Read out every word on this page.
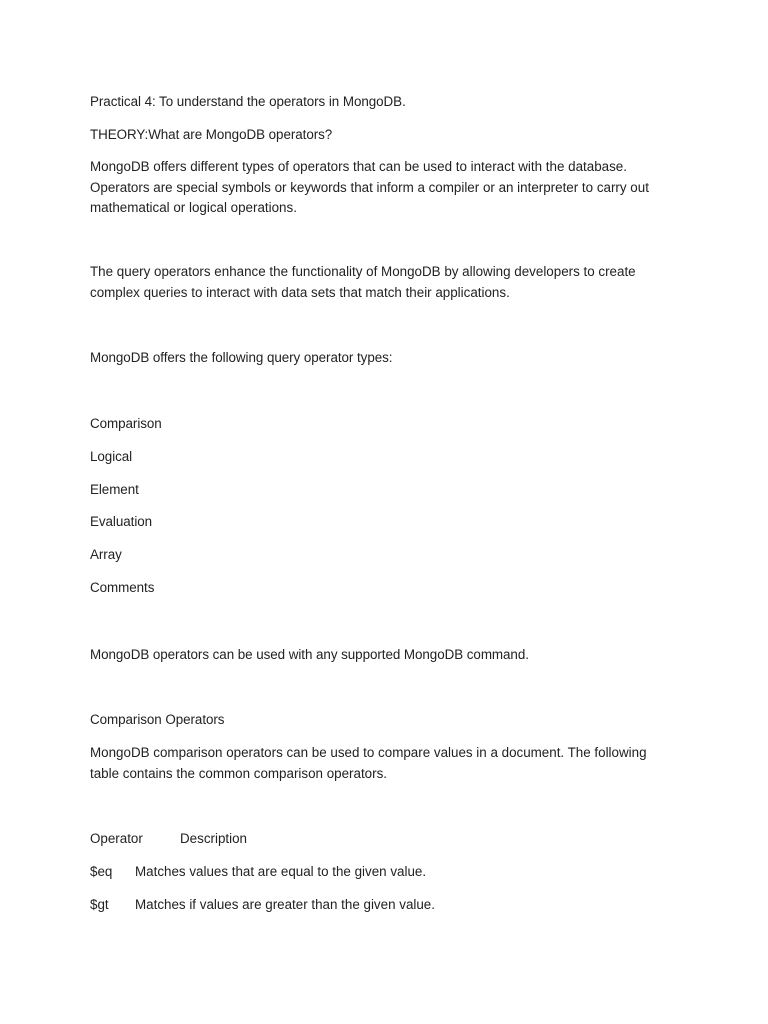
Practical 4: To understand the operators in MongoDB.

THEORY:What are MongoDB operators?

MongoDB offers different types of operators that can be used to interact with the database.
Operators are special symbols or keywords that inform a compiler or an interpreter to carry out
mathematical or logical operations.
The query operators enhance the functionality of MongoDB by allowing developers to create
complex queries to interact with data sets that match their applications.

MongoDB offers the following query operator types:

Comparison

Logical

Element

Evaluation

Array

Comments

MongoDB operators can be used with any supported MongoDB command.

Comparison Operators

MongoDB comparison operators can be used to compare values in a document. The following
table contains the common comparison operators.
Operator	Description
$eq Matches values that are equal to the given value.
$gt Matches if values are greater than the given value.
